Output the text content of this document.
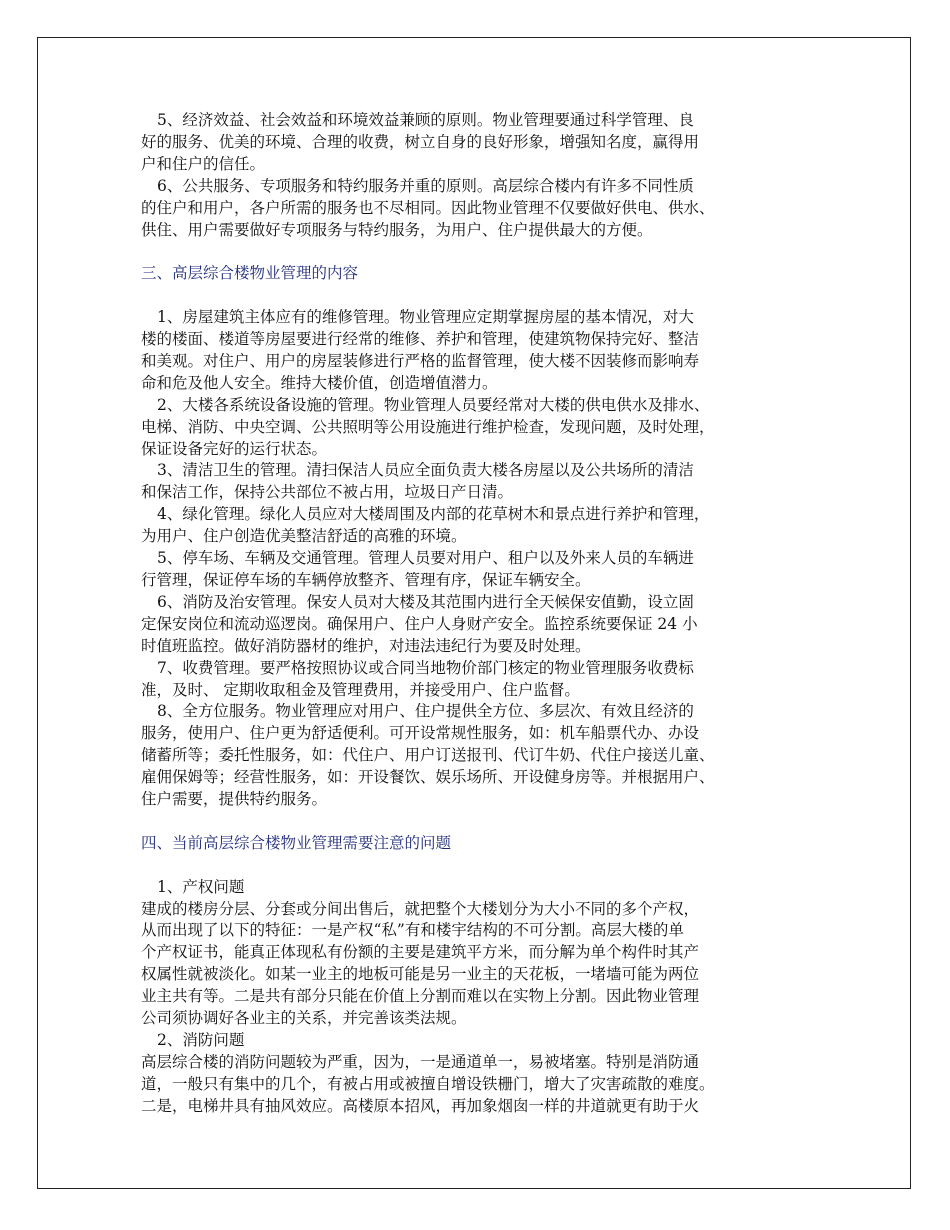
5、经济效益、社会效益和环境效益兼顾的原则。物业管理要通过科学管理、良
好的服务、优美的环境、合理的收费，树立自身的良好形象，增强知名度，赢得用
户和住户的信任。
6、公共服务、专项服务和特约服务并重的原则。高层综合楼内有许多不同性质
的住户和用户，各户所需的服务也不尽相同。因此物业管理不仅要做好供电、供水、
供住、用户需要做好专项服务与特约服务，为用户、住户提供最大的方便。
三、高层综合楼物业管理的内容
1、房屋建筑主体应有的维修管理。物业管理应定期掌握房屋的基本情况，对大
楼的楼面、楼道等房屋要进行经常的维修、养护和管理，使建筑物保持完好、整洁
和美观。对住户、用户的房屋装修进行严格的监督管理，使大楼不因装修而影响寿
命和危及他人安全。维持大楼价值，创造增值潜力。
2、大楼各系统设备设施的管理。物业管理人员要经常对大楼的供电供水及排水、
电梯、消防、中央空调、公共照明等公用设施进行维护检查，发现问题，及时处理，
保证设备完好的运行状态。
3、清洁卫生的管理。清扫保洁人员应全面负责大楼各房屋以及公共场所的清洁
和保洁工作，保持公共部位不被占用，垃圾日产日清。
4、绿化管理。绿化人员应对大楼周围及内部的花草树木和景点进行养护和管理，
为用户、住户创造优美整洁舒适的高雅的环境。
5、停车场、车辆及交通管理。管理人员要对用户、租户以及外来人员的车辆进
行管理，保证停车场的车辆停放整齐、管理有序，保证车辆安全。
6、消防及治安管理。保安人员对大楼及其范围内进行全天候保安值勤，设立固
定保安岗位和流动巡逻岗。确保用户、住户人身财产安全。监控系统要保证 24 小
时值班监控。做好消防器材的维护，对违法违纪行为要及时处理。
7、收费管理。要严格按照协议或合同当地物价部门核定的物业管理服务收费标
准，及时、 定期收取租金及管理费用，并接受用户、住户监督。
8、全方位服务。物业管理应对用户、住户提供全方位、多层次、有效且经济的
服务，使用户、住户更为舒适便利。可开设常规性服务，如：机车船票代办、办设
储蓄所等；委托性服务，如：代住户、用户订送报刊、代订牛奶、代住户接送儿童、
雇佣保姆等；经营性服务，如：开设餐饮、娱乐场所、开设健身房等。并根据用户、
住户需要，提供特约服务。
四、当前高层综合楼物业管理需要注意的问题
1、产权问题
建成的楼房分层、分套或分间出售后，就把整个大楼划分为大小不同的多个产权，
从而出现了以下的特征：一是产权“私”有和楼宇结构的不可分割。高层大楼的单
个产权证书，能真正体现私有份额的主要是建筑平方米，而分解为单个构件时其产
权属性就被淡化。如某一业主的地板可能是另一业主的天花板，一堵墙可能为两位
业主共有等。二是共有部分只能在价值上分割而难以在实物上分割。因此物业管理
公司须协调好各业主的关系，并完善该类法规。
2、消防问题
高层综合楼的消防问题较为严重，因为，一是通道单一，易被堵塞。特别是消防通
道，一般只有集中的几个，有被占用或被擅自增设铁栅门，增大了灾害疏散的难度。
二是，电梯井具有抽风效应。高楼原本招风，再加象烟囱一样的井道就更有助于火
